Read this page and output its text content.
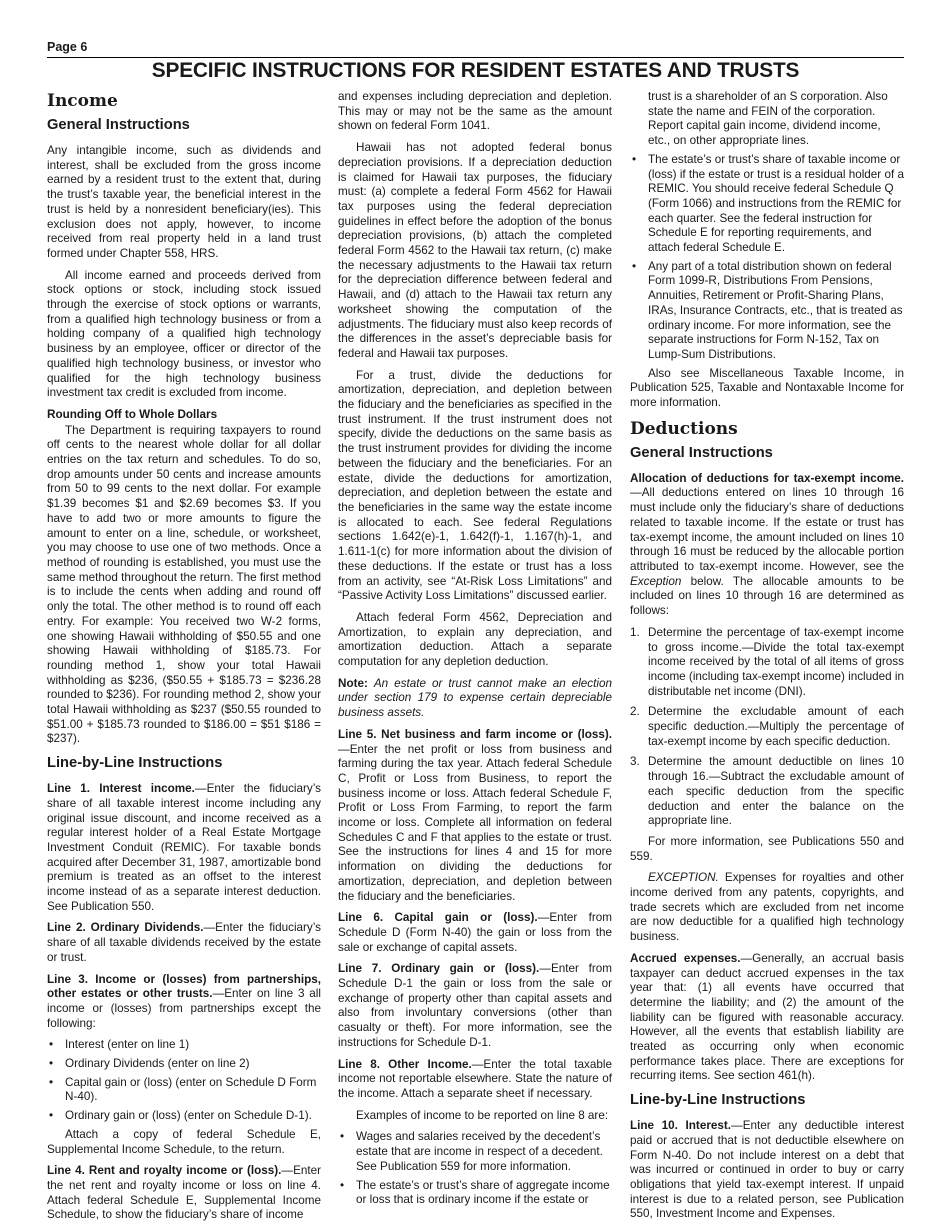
Page 6
SPECIFIC INSTRUCTIONS FOR RESIDENT ESTATES AND TRUSTS
Income
General Instructions

Any intangible income, such as dividends and interest, shall be excluded from the gross income earned by a resident trust to the extent that, during the trust’s taxable year, the beneficial interest in the trust is held by a nonresident beneficiary(ies). This exclusion does not apply, however, to income received from real property held in a land trust formed under Chapter 558, HRS.

All income earned and proceeds derived from stock options or stock, including stock issued through the exercise of stock options or warrants, from a qualified high technology business or from a holding company of a qualified high technology business by an employee, officer or director of the qualified high technology business, or investor who qualified for the high technology business investment tax credit is excluded from income.

Rounding Off to Whole Dollars

The Department is requiring taxpayers to round off cents to the nearest whole dollar for all dollar entries on the tax return and schedules. To do so, drop amounts under 50 cents and increase amounts from 50 to 99 cents to the next dollar. For example $1.39 becomes $1 and $2.69 becomes $3. If you have to add two or more amounts to figure the amount to enter on a line, schedule, or worksheet, you may choose to use one of two methods. Once a method of rounding is established, you must use the same method throughout the return. The first method is to include the cents when adding and round off only the total. The other method is to round off each entry. For example: You received two W-2 forms, one showing Hawaii withholding of $50.55 and one showing Hawaii withholding of $185.73. For rounding method 1, show your total Hawaii withholding as $236, ($50.55 + $185.73 = $236.28 rounded to $236). For rounding method 2, show your total Hawaii withholding as $237 ($50.55 rounded to $51.00 + $185.73 rounded to $186.00 = $51 $186 = $237).

Line-by-Line Instructions

Line 1. Interest income.—Enter the fiduciary’s share of all taxable interest income including any original issue discount, and income received as a regular interest holder of a Real Estate Mortgage Investment Conduit (REMIC). For taxable bonds acquired after December 31, 1987, amortizable bond premium is treated as an offset to the interest income instead of as a separate interest deduction. See Publication 550.

Line 2. Ordinary Dividends.—Enter the fiduciary’s share of all taxable dividends received by the estate or trust.

Line 3. Income or (losses) from partnerships, other estates or other trusts.—Enter on line 3 all income or (losses) from partnerships except the following:

• Interest (enter on line 1)
• Ordinary Dividends (enter on line 2)
• Capital gain or (loss) (enter on Schedule D Form N-40).
• Ordinary gain or (loss) (enter on Schedule D-1).

Attach a copy of federal Schedule E, Supplemental Income Schedule, to the return.

Line 4. Rent and royalty income or (loss).—Enter the net rent and royalty income or loss on line 4. Attach federal Schedule E, Supplemental Income Schedule, to show the fiduciary’s share of income

and expenses including depreciation and depletion. This may or may not be the same as the amount shown on federal Form 1041.

Hawaii has not adopted federal bonus depreciation provisions. If a depreciation deduction is claimed for Hawaii tax purposes, the fiduciary must: (a) complete a federal Form 4562 for Hawaii tax purposes using the federal depreciation guidelines in effect before the adoption of the bonus depreciation provisions, (b) attach the completed federal Form 4562 to the Hawaii tax return, (c) make the necessary adjustments to the Hawaii tax return for the depreciation difference between federal and Hawaii, and (d) attach to the Hawaii tax return any worksheet showing the computation of the adjustments. The fiduciary must also keep records of the differences in the asset’s depreciable basis for federal and Hawaii tax purposes.

For a trust, divide the deductions for amortization, depreciation, and depletion between the fiduciary and the beneficiaries as specified in the trust instrument. If the trust instrument does not specify, divide the deductions on the same basis as the trust instrument provides for dividing the income between the fiduciary and the beneficiaries. For an estate, divide the deductions for amortization, depreciation, and depletion between the estate and the beneficiaries in the same way the estate income is allocated to each. See federal Regulations sections 1.642(e)-1, 1.642(f)-1, 1.167(h)-1, and 1.611-1(c) for more information about the division of these deductions. If the estate or trust has a loss from an activity, see “At-Risk Loss Limitations” and “Passive Activity Loss Limitations” discussed earlier.

Attach federal Form 4562, Depreciation and Amortization, to explain any depreciation, and amortization deduction. Attach a separate computation for any depletion deduction.

Note: An estate or trust cannot make an election under section 179 to expense certain depreciable business assets.

Line 5. Net business and farm income or (loss).—Enter the net profit or loss from business and farming during the tax year. Attach federal Schedule C, Profit or Loss from Business, to report the business income or loss. Attach federal Schedule F, Profit or Loss From Farming, to report the farm income or loss. Complete all information on federal Schedules C and F that applies to the estate or trust. See the instructions for lines 4 and 15 for more information on dividing the deductions for amortization, depreciation, and depletion between the fiduciary and the beneficiaries.

Line 6. Capital gain or (loss).—Enter from Schedule D (Form N-40) the gain or loss from the sale or exchange of capital assets.

Line 7. Ordinary gain or (loss).—Enter from Schedule D-1 the gain or loss from the sale or exchange of property other than capital assets and also from involuntary conversions (other than casualty or theft). For more information, see the instructions for Schedule D-1.

Line 8. Other Income.—Enter the total taxable income not reportable elsewhere. State the nature of the income. Attach a separate sheet if necessary.

Examples of income to be reported on line 8 are:

• Wages and salaries received by the decedent’s estate that are income in respect of a decedent. See Publication 559 for more information.
• The estate’s or trust’s share of aggregate income or loss that is ordinary income if the estate or
trust is a shareholder of an S corporation. Also state the name and FEIN of the corporation. Report capital gain income, dividend income, etc., on other appropriate lines.
• The estate’s or trust’s share of taxable income or (loss) if the estate or trust is a residual holder of a REMIC. You should receive federal Schedule Q (Form 1066) and instructions from the REMIC for each quarter. See the federal instruction for Schedule E for reporting requirements, and attach federal Schedule E.
• Any part of a total distribution shown on federal Form 1099-R, Distributions From Pensions, Annuities, Retirement or Profit-Sharing Plans, IRAs, Insurance Contracts, etc., that is treated as ordinary income. For more information, see the separate instructions for Form N-152, Tax on Lump-Sum Distributions.

Also see Miscellaneous Taxable Income, in Publication 525, Taxable and Nontaxable Income for more information.

Deductions
General Instructions

Allocation of deductions for tax-exempt income.—All deductions entered on lines 10 through 16 must include only the fiduciary’s share of deductions related to taxable income. If the estate or trust has tax-exempt income, the amount included on lines 10 through 16 must be reduced by the allocable portion attributed to tax-exempt income. However, see the Exception below. The allocable amounts to be included on lines 10 through 16 are determined as follows:

1. Determine the percentage of tax-exempt income to gross income.—Divide the total tax-exempt income received by the total of all items of gross income (including tax-exempt income) included in distributable net income (DNI).
2. Determine the excludable amount of each specific deduction.—Multiply the percentage of tax-exempt income by each specific deduction.
3. Determine the amount deductible on lines 10 through 16.—Subtract the excludable amount of each specific deduction from the specific deduction and enter the balance on the appropriate line.

For more information, see Publications 550 and 559.

EXCEPTION. Expenses for royalties and other income derived from any patents, copyrights, and trade secrets which are excluded from net income are now deductible for a qualified high technology business.

Accrued expenses.—Generally, an accrual basis taxpayer can deduct accrued expenses in the tax year that: (1) all events have occurred that determine the liability; and (2) the amount of the liability can be figured with reasonable accuracy. However, all the events that establish liability are treated as occurring only when economic performance takes place. There are exceptions for recurring items. See section 461(h).

Line-by-Line Instructions

Line 10. Interest.—Enter any deductible interest paid or accrued that is not deductible elsewhere on Form N-40. Do not include interest on a debt that was incurred or continued in order to buy or carry obligations that yield tax-exempt interest. If unpaid interest is due to a related person, see Publication 550, Investment Income and Expenses.
